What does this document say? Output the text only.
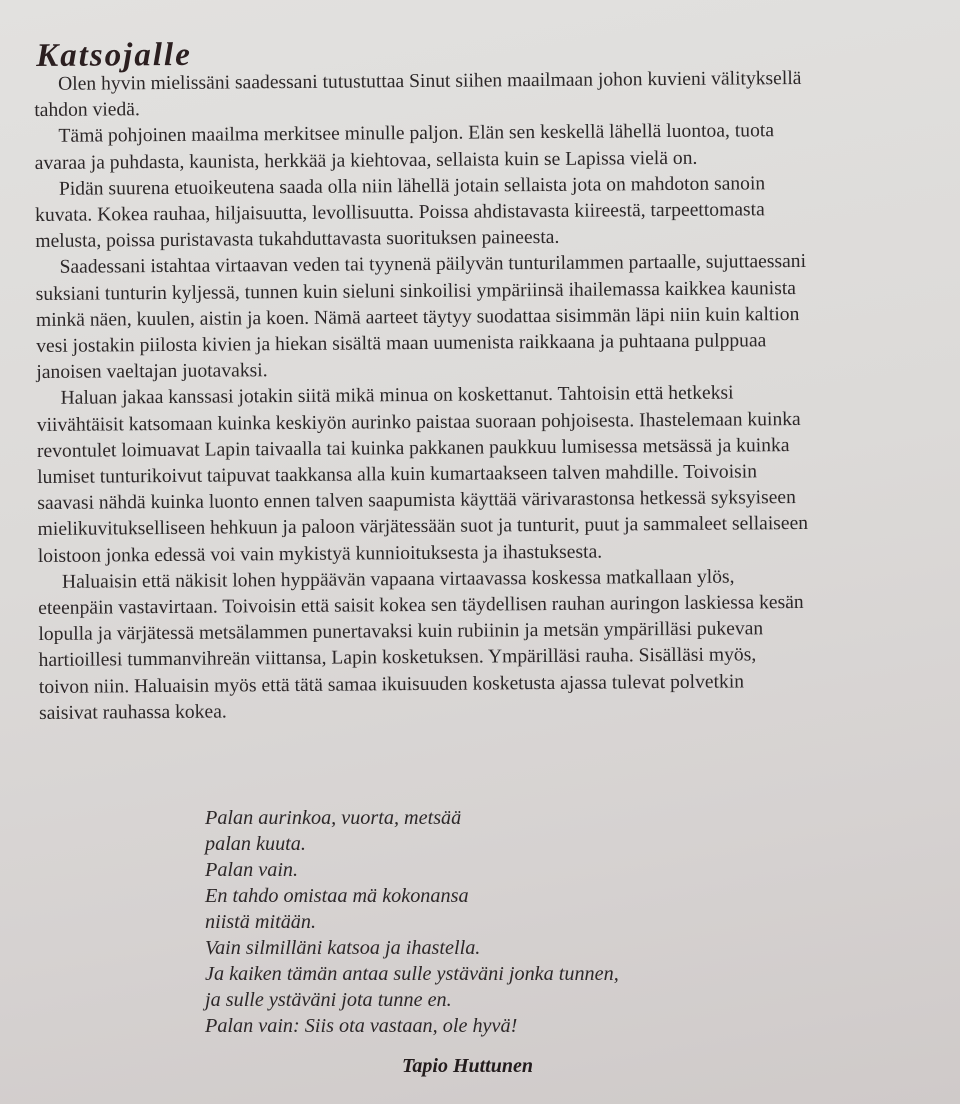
Katsojalle

Olen hyvin mielissäni saadessani tutustuttaa Sinut siihen maailmaan johon kuvieni välityksellä
tahdon viedä.

Tämä pohjoinen maailma merkitsee minulle paljon. Elän sen keskellä lähellä luontoa, tuota
avaraa ja puhdasta, kaunista, herkkää ja kiehtovaa, sellaista kuin se Lapissa vielä on.

Pidän suurena etuoikeutena saada olla niin lähellä jotain sellaista jota on mahdoton sanoin
kuvata. Kokea rauhaa, hiljaisuutta, levollisuutta. Poissa ahdistavasta kiireestä, tarpeettomasta
melusta, poissa puristavasta tukahduttavasta suorituksen paineesta.

Saadessani istahtaa virtaavan veden tai tyynenä päilyvän tunturilammen partaalle, sujuttaessani
suksiani tunturin kyljessä, tunnen kuin sieluni sinkoilisi ympäriinsä ihailemassa kaikkea kaunista
minkä näen, kuulen, aistin ja koen. Nämä aarteet täytyy suodattaa sisimmän läpi niin kuin kaltion
vesi jostakin piilosta kivien ja hiekan sisältä maan uumenista raikkaana ja puhtaana pulppuaa
janoisen vaeltajan juotavaksi.

Haluan jakaa kanssasi jotakin siitä mikä minua on koskettanut. Tahtoisin että hetkeksi
viivähtäisit katsomaan kuinka keskiyön aurinko paistaa suoraan pohjoisesta. Ihastelemaan kuinka
revontulet loimuavat Lapin taivaalla tai kuinka pakkanen paukkuu lumisessa metsässä ja kuinka
lumiset tunturikoivut taipuvat taakkansa alla kuin kumartaakseen talven mahdille. Toivoisin
saavasi nähdä kuinka luonto ennen talven saapumista käyttää värivarastonsa hetkessä syksyiseen
mielikuvitukselliseen hehkuun ja paloon värjätessään suot ja tunturit, puut ja sammaleet sellaiseen
loistoon jonka edessä voi vain mykistyä kunnioituksesta ja ihastuksesta.

Haluaisin että näkisit lohen hyppäävän vapaana virtaavassa koskessa matkallaan ylös,
eteenpäin vastavirtaan. Toivoisin että saisit kokea sen täydellisen rauhan auringon laskiessa kesän
lopulla ja värjätessä metsälammen punertavaksi kuin rubiinin ja metsän ympärilläsi pukevan
hartioillesi tummanvihreän viittansa, Lapin kosketuksen. Ympärilläsi rauha. Sisälläsi myös,
toivon niin. Haluaisin myös että tätä samaa ikuisuuden kosketusta ajassa tulevat polvetkin
saisivat rauhassa kokea.

Palan aurinkoa, vuorta, metsää
palan kuuta.
Palan vain.
En tahdo omistaa mä kokonansa
niistä mitään.
Vain silmilläni katsoa ja ihastella.
Ja kaiken tämän antaa sulle ystäväni jonka tunnen,
ja sulle ystäväni jota tunne en.
Palan vain: Siis ota vastaan, ole hyvä!
Tapio Huttunen
